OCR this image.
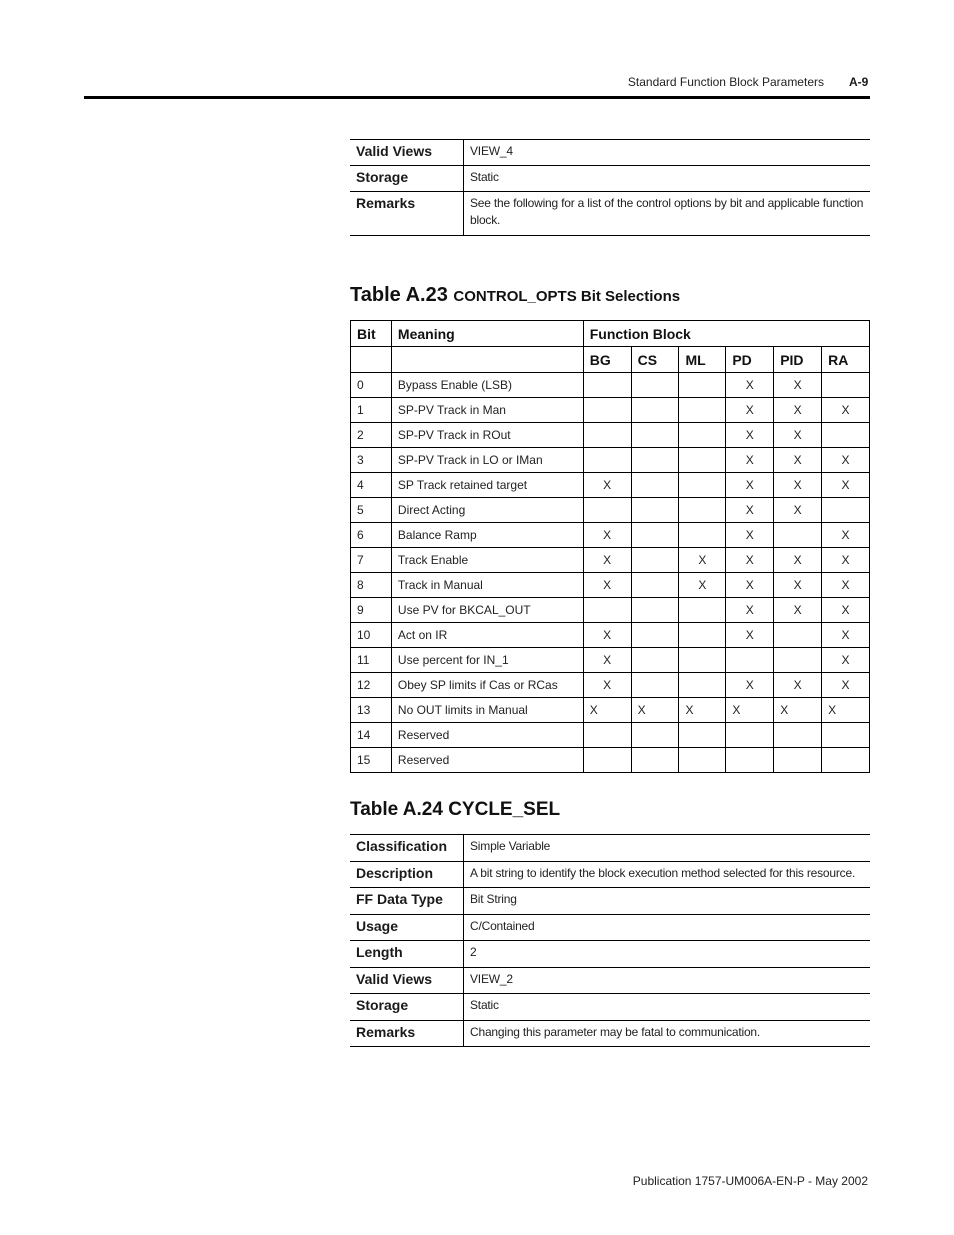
Standard Function Block Parameters A-9
Valid Views	VIEW_4
Storage	Static
Remarks	See the following for a list of the control options by bit and applicable function block.
Table A.23 CONTROL_OPTS Bit Selections
Bit	Meaning	Function Block					
		BG	CS	ML	PD	PID	RA
0	Bypass Enable (LSB)				X	X	
1	SP-PV Track in Man				X	X	X
2	SP-PV Track in ROut				X	X	
3	SP-PV Track in LO or IMan				X	X	X
4	SP Track retained target	X			X	X	X
5	Direct Acting				X	X	
6	Balance Ramp	X			X		X
7	Track Enable	X		X	X	X	X
8	Track in Manual	X		X	X	X	X
9	Use PV for BKCAL_OUT				X	X	X
10	Act on IR	X			X		X
11	Use percent for IN_1	X					X
12	Obey SP limits if Cas or RCas	X			X	X	X
13	No OUT limits in Manual	X	X	X	X	X	X
14	Reserved						
15	Reserved						
Table A.24 CYCLE_SEL
Classification	Simple Variable
Description	A bit string to identify the block execution method selected for this resource.
FF Data Type	Bit String
Usage	C/Contained
Length	2
Valid Views	VIEW_2
Storage	Static
Remarks	Changing this parameter may be fatal to communication.
Publication 1757-UM006A-EN-P - May 2002
